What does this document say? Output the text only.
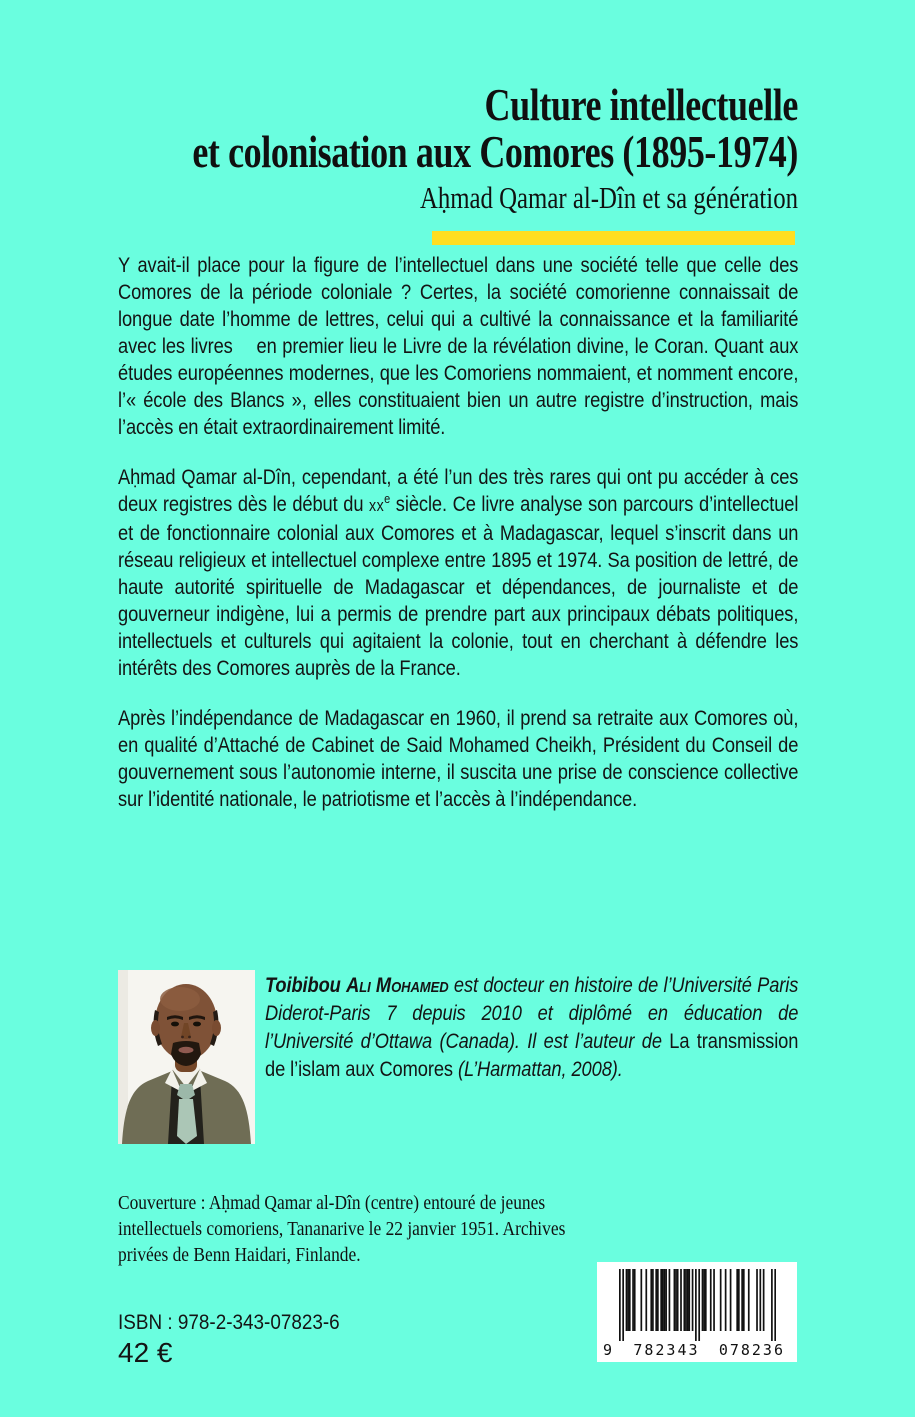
Culture intellectuelle
et colonisation aux Comores (1895-1974)
Aḥmad Qamar al-Dîn et sa génération

Y avait-il place pour la figure de l’intellectuel dans une société telle que celle des Comores de la période coloniale ? Certes, la société comorienne connaissait de longue date l’homme de lettres, celui qui a cultivé la connaissance et la familiarité avec les livres  en premier lieu le Livre de la révélation divine, le Coran. Quant aux études européennes modernes, que les Comoriens nommaient, et nomment encore, l’« école des Blancs », elles constituaient bien un autre registre d’instruction, mais l’accès en était extraordinairement limité.

Aḥmad Qamar al-Dîn, cependant, a été l’un des très rares qui ont pu accéder à ces deux registres dès le début du $xx^e$ siècle. Ce livre analyse son parcours d’intellectuel et de fonctionnaire colonial aux Comores et à Madagascar, lequel s’inscrit dans un réseau religieux et intellectuel complexe entre 1895 et 1974. Sa position de lettré, de haute autorité spirituelle de Madagascar et dépendances, de journaliste et de gouverneur indigène, lui a permis de prendre part aux principaux débats politiques, intellectuels et culturels qui agitaient la colonie, tout en cherchant à défendre les intérêts des Comores auprès de la France.

Après l’indépendance de Madagascar en 1960, il prend sa retraite aux Comores où, en qualité d’Attaché de Cabinet de Said Mohamed Cheikh, Président du Conseil de gouvernement sous l’autonomie interne, il suscita une prise de conscience collective sur l’identité nationale, le patriotisme et l’accès à l’indépendance.

Toibibou Ali Mohamed est docteur en histoire de l’Université Paris Diderot-Paris 7 depuis 2010 et diplômé en éducation de l’Université d’Ottawa (Canada). Il est l’auteur de La transmission de l’islam aux Comores (L’Harmattan, 2008).

Couverture : Aḥmad Qamar al-Dîn (centre) entouré de jeunes intellectuels comoriens, Tananarive le 22 janvier 1951. Archives privées de Benn Haidari, Finlande.

9 782343 078236

ISBN : 978-2-343-07823-6

42 €
